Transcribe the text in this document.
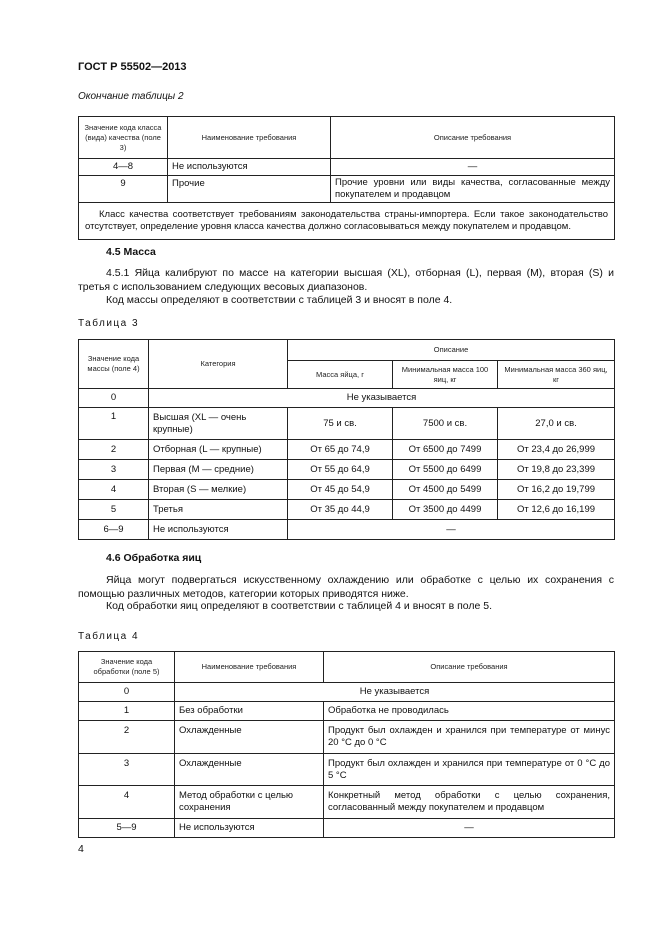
ГОСТ Р 55502—2013
Окончание таблицы 2
Значение кода класса (вида) качества (поле 3)	Наименование требования	Описание требования
4—8	Не используются	—
9	Прочие	Прочие уровни или виды качества, согласованные между покупателем и продавцом
Класс качества соответствует требованиям законодательства страны-импортера. Если такое законодательство отсутствует, определение уровня класса качества должно согласовываться между покупателем и продавцом.		
4.5 Масса
4.5.1 Яйца калибруют по массе на категории высшая (XL), отборная (L), первая (M), вторая (S) и третья с использованием следующих весовых диапазонов.
Код массы определяют в соответствии с таблицей 3 и вносят в поле 4.
Таблица 3
Значение кода массы (поле 4)	Категория	Описание		
		Масса яйца, г	Минимальная масса 100 яиц, кг	Минимальная масса 360 яиц, кг
0	Не указывается			
1	Высшая (XL — очень крупные)	75 и св.	7500 и св.	27,0 и св.
2	Отборная (L — крупные)	От 65 до 74,9	От 6500 до 7499	От 23,4 до 26,999
3	Первая (M — средние)	От 55 до 64,9	От 5500 до 6499	От 19,8 до 23,399
4	Вторая (S — мелкие)	От 45 до 54,9	От 4500 до 5499	От 16,2 до 19,799
5	Третья	От 35 до 44,9	От 3500 до 4499	От 12,6 до 16,199
6—9	Не используются	—		
4.6 Обработка яиц
Яйца могут подвергаться искусственному охлаждению или обработке с целью их сохранения с помощью различных методов, категории которых приводятся ниже.
Код обработки яиц определяют в соответствии с таблицей 4 и вносят в поле 5.
Таблица 4
Значение кода обработки (поле 5)	Наименование требования	Описание требования
0	Не указывается	
1	Без обработки	Обработка не проводилась
2	Охлажденные	Продукт был охлажден и хранился при температуре от минус 20 °С до 0 °С
3	Охлажденные	Продукт был охлажден и хранился при температуре от 0 °С до 5 °С
4	Метод обработки с целью сохранения	Конкретный метод обработки с целью сохранения, согласованный между покупателем и продавцом
5—9	Не используются	—
4
